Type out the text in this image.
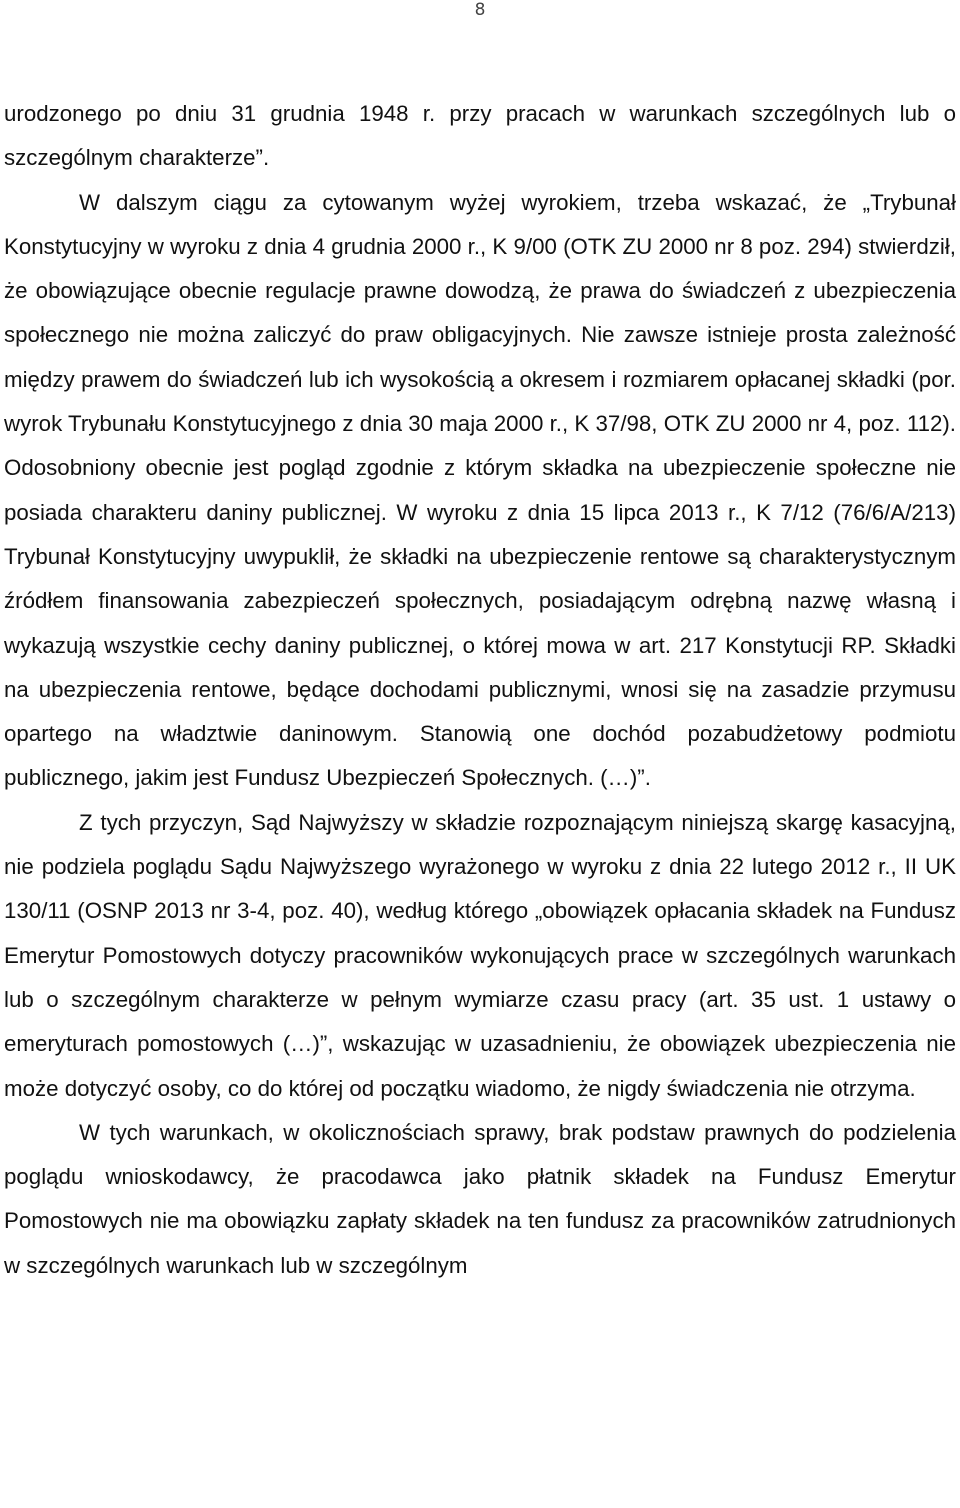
8

urodzonego po dniu 31 grudnia 1948 r. przy pracach w warunkach szczególnych lub o szczególnym charakterze”.

W dalszym ciągu za cytowanym wyżej wyrokiem, trzeba wskazać, że „Trybunał Konstytucyjny w wyroku z dnia 4 grudnia 2000 r., K 9/00 (OTK ZU 2000 nr 8 poz. 294) stwierdził, że obowiązujące obecnie regulacje prawne dowodzą, że prawa do świadczeń z ubezpieczenia społecznego nie można zaliczyć do praw obligacyjnych. Nie zawsze istnieje prosta zależność między prawem do świadczeń lub ich wysokością a okresem i rozmiarem opłacanej składki (por. wyrok Trybunału Konstytucyjnego z dnia 30 maja 2000 r., K 37/98, OTK ZU 2000 nr 4, poz. 112). Odosobniony obecnie jest pogląd zgodnie z którym składka na ubezpieczenie społeczne nie posiada charakteru daniny publicznej. W wyroku z dnia 15 lipca 2013 r., K 7/12 (76/6/A/213) Trybunał Konstytucyjny uwypuklił, że składki na ubezpieczenie rentowe są charakterystycznym źródłem finansowania zabezpieczeń społecznych, posiadającym odrębną nazwę własną i wykazują wszystkie cechy daniny publicznej, o której mowa w art. 217 Konstytucji RP. Składki na ubezpieczenia rentowe, będące dochodami publicznymi, wnosi się na zasadzie przymusu opartego na władztwie daninowym. Stanowią one dochód pozabudżetowy podmiotu publicznego, jakim jest Fundusz Ubezpieczeń Społecznych. (…)”.

Z tych przyczyn, Sąd Najwyższy w składzie rozpoznającym niniejszą skargę kasacyjną, nie podziela poglądu Sądu Najwyższego wyrażonego w wyroku z dnia 22 lutego 2012 r., II UK 130/11 (OSNP 2013 nr 3-4, poz. 40), według którego „obowiązek opłacania składek na Fundusz Emerytur Pomostowych dotyczy pracowników wykonujących prace w szczególnych warunkach lub o szczególnym charakterze w pełnym wymiarze czasu pracy (art. 35 ust. 1 ustawy o emeryturach pomostowych (…)”, wskazując w uzasadnieniu, że obowiązek ubezpieczenia nie może dotyczyć osoby, co do której od początku wiadomo, że nigdy świadczenia nie otrzyma.

W tych warunkach, w okolicznościach sprawy, brak podstaw prawnych do podzielenia poglądu wnioskodawcy, że pracodawca jako płatnik składek na Fundusz Emerytur Pomostowych nie ma obowiązku zapłaty składek na ten fundusz za pracowników zatrudnionych w szczególnych warunkach lub w szczególnym
